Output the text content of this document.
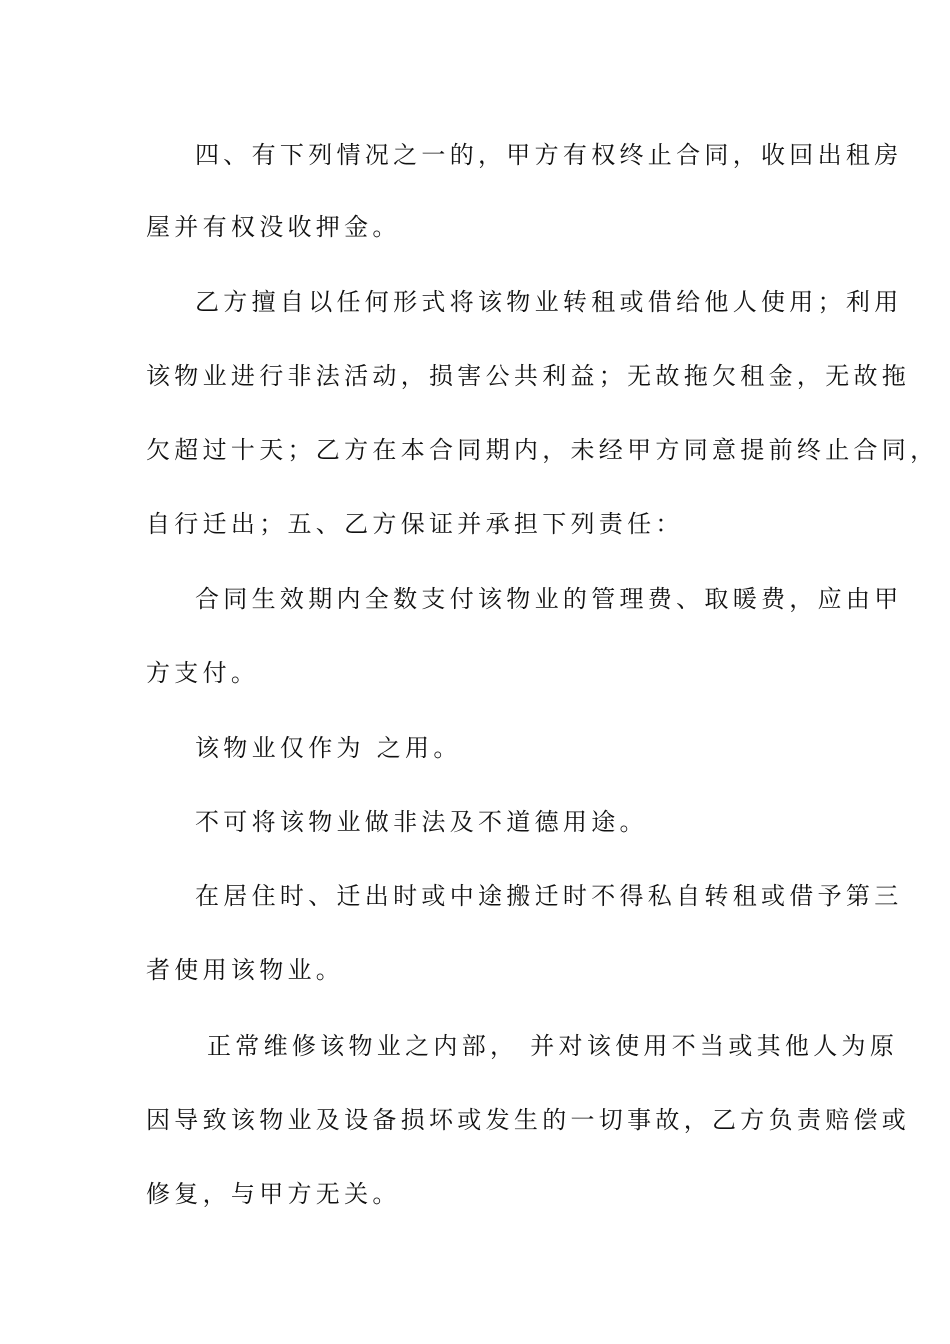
四、有下列情况之一的，甲方有权终止合同，收回出租房
屋并有权没收押金。
乙方擅自以任何形式将该物业转租或借给他人使用；利用
该物业进行非法活动，损害公共利益；无故拖欠租金，无故拖
欠超过十天；乙方在本合同期内，未经甲方同意提前终止合同，
自行迁出；五、乙方保证并承担下列责任：
合同生效期内全数支付该物业的管理费、取暖费，应由甲
方支付。
该物业仅作为 之用。
不可将该物业做非法及不道德用途。
在居住时、迁出时或中途搬迁时不得私自转租或借予第三
者使用该物业。
正常维修该物业之内部， 并对该使用不当或其他人为原
因导致该物业及设备损坏或发生的一切事故，乙方负责赔偿或
修复，与甲方无关。
